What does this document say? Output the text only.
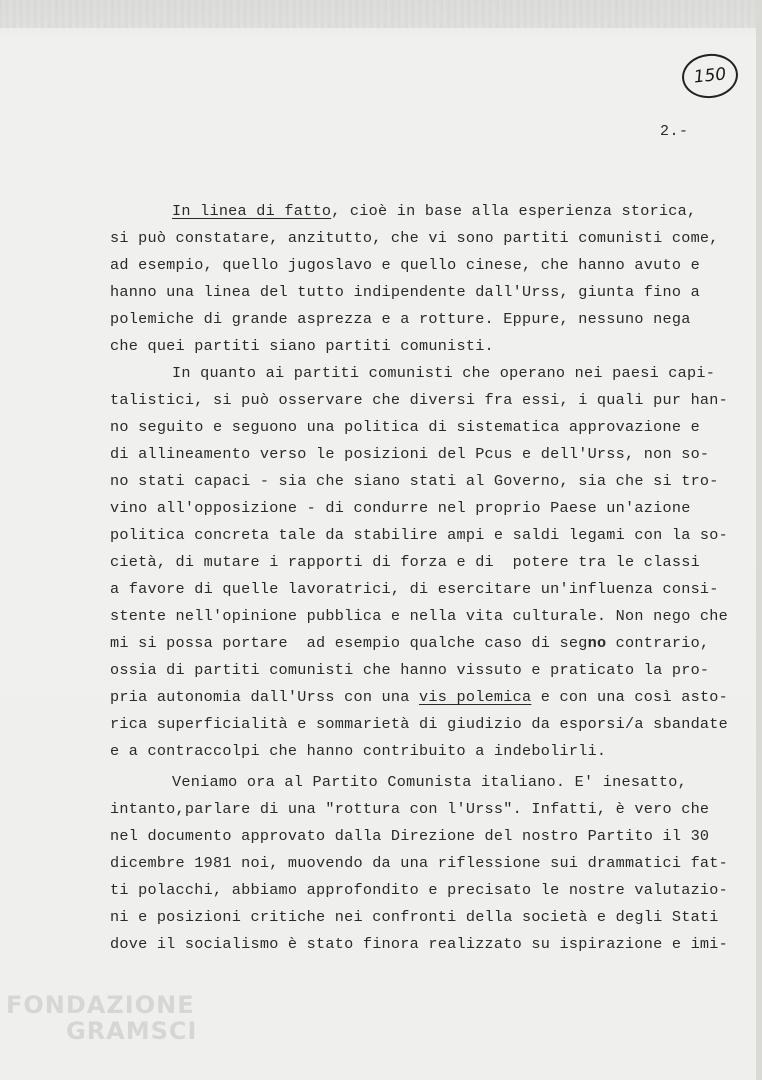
150
2.-
In linea di fatto, cioè in base alla esperienza storica,
si può constatare, anzitutto, che vi sono partiti comunisti come,
ad esempio, quello jugoslavo e quello cinese, che hanno avuto e
hanno una linea del tutto indipendente dall'Urss, giunta fino a
polemiche di grande asprezza e a rotture. Eppure, nessuno nega
che quei partiti siano partiti comunisti.
In quanto ai partiti comunisti che operano nei paesi capi-
talistici, si può osservare che diversi fra essi, i quali pur han-
no seguito e seguono una politica di sistematica approvazione e
di allineamento verso le posizioni del Pcus e dell'Urss, non so-
no stati capaci - sia che siano stati al Governo, sia che si tro-
vino all'opposizione - di condurre nel proprio Paese un'azione
politica concreta tale da stabilire ampi e saldi legami con la so-
cietà, di mutare i rapporti di forza e di  potere tra le classi
a favore di quelle lavoratrici, di esercitare un'influenza consi-
stente nell'opinione pubblica e nella vita culturale. Non nego che
mi si possa portare  ad esempio qualche caso di segno contrario,
ossia di partiti comunisti che hanno vissuto e praticato la pro-
pria autonomia dall'Urss con una vis polemica e con una così asto-
rica superficialità e sommarietà di giudizio da esporsi/a sbandate
e a contraccolpi che hanno contribuito a indebolirli.
Veniamo ora al Partito Comunista italiano. E' inesatto,
intanto,parlare di una "rottura con l'Urss". Infatti, è vero che
nel documento approvato dalla Direzione del nostro Partito il 30
dicembre 1981 noi, muovendo da una riflessione sui drammatici fat-
ti polacchi, abbiamo approfondito e precisato le nostre valutazio-
ni e posizioni critiche nei confronti della società e degli Stati
dove il socialismo è stato finora realizzato su ispirazione e imi-
FONDAZIONE
GRAMSCI
